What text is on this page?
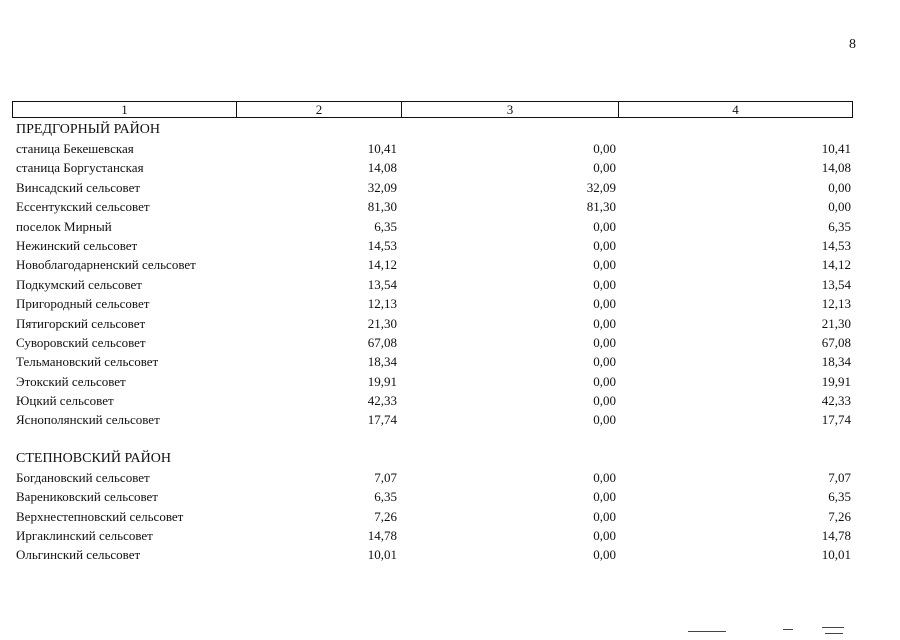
8
1	2	3	4
ПРЕДГОРНЫЙ РАЙОН
станица Бекешевская	10,41	0,00	10,41
станица Боргустанская	14,08	0,00	14,08
Винсадский сельсовет	32,09	32,09	0,00
Ессентукский сельсовет	81,30	81,30	0,00
поселок Мирный	6,35	0,00	6,35
Нежинский сельсовет	14,53	0,00	14,53
Новоблагодарненский сельсовет	14,12	0,00	14,12
Подкумский сельсовет	13,54	0,00	13,54
Пригородный сельсовет	12,13	0,00	12,13
Пятигорский сельсовет	21,30	0,00	21,30
Суворовский сельсовет	67,08	0,00	67,08
Тельмановский сельсовет	18,34	0,00	18,34
Этокский сельсовет	19,91	0,00	19,91
Юцкий сельсовет	42,33	0,00	42,33
Яснополянский сельсовет	17,74	0,00	17,74
СТЕПНОВСКИЙ РАЙОН
Богдановский сельсовет	7,07	0,00	7,07
Варениковский сельсовет	6,35	0,00	6,35
Верхнестепновский сельсовет	7,26	0,00	7,26
Иргаклинский сельсовет	14,78	0,00	14,78
Ольгинский сельсовет	10,01	0,00	10,01
